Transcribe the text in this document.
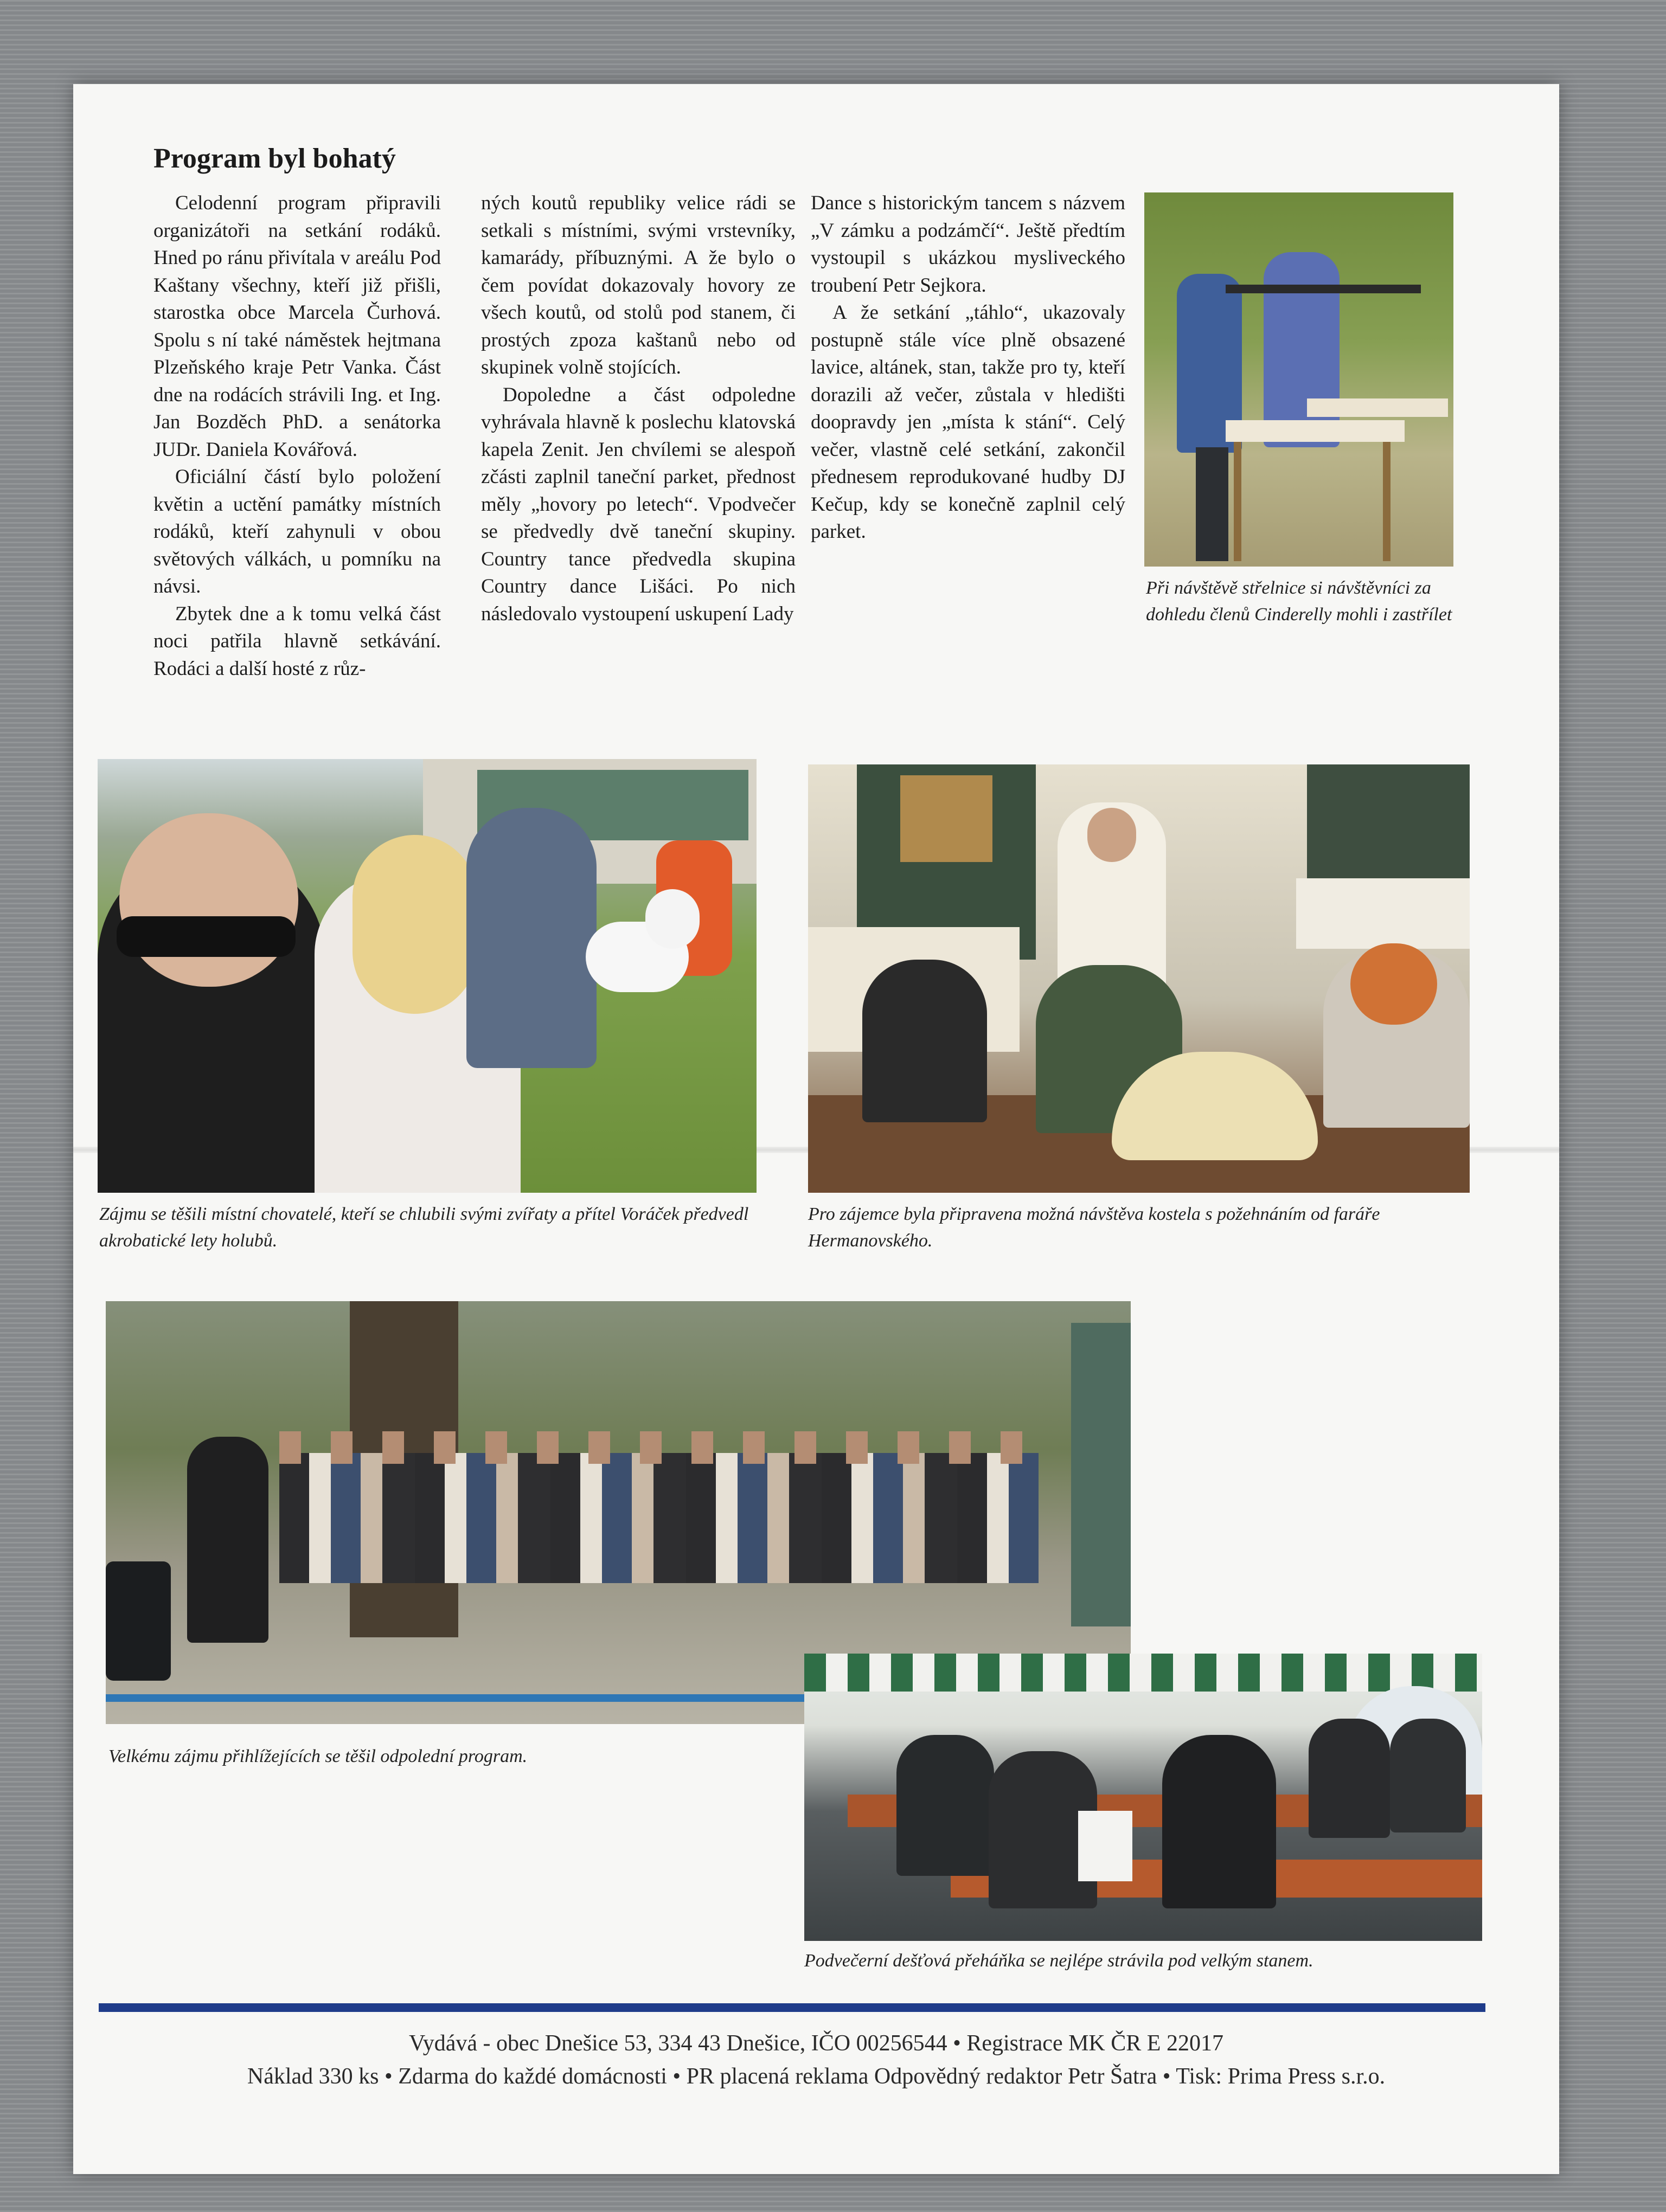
Program byl bohatý

Celodenní program připravili organizátoři na setkání rodáků. Hned po ránu přivítala v areálu Pod Kaštany všechny, kteří již přišli, starostka obce Marcela Čurhová. Spolu s ní také náměstek hejtmana Plzeňského kraje Petr Vanka. Část dne na rodácích strávili Ing. et Ing. Jan Bozděch PhD. a senátorka JUDr. Daniela Kovářová.

Oficiální částí bylo položení květin a uctění památky místních rodáků, kteří zahynuli v obou světových válkách, u pomníku na návsi.

Zbytek dne a k tomu velká část noci patřila hlavně setkávání. Rodáci a další hosté z růz-

ných koutů republiky velice rádi se setkali s místními, svými vrstevníky, kamarády, příbuznými. A že bylo o čem povídat dokazovaly hovory ze všech koutů, od stolů pod stanem, či prostých zpoza kaštanů nebo od skupinek volně stojících.

Dopoledne a část odpoledne vyhrávala hlavně k poslechu klatovská kapela Zenit. Jen chvílemi se alespoň zčásti zaplnil taneční parket, přednost měly „hovory po letech“. Vpodvečer se předvedly dvě taneční skupiny. Country tance předvedla skupina Country dance Lišáci. Po nich následovalo vystoupení uskupení Lady

Dance s historickým tancem s názvem „V zámku a podzámčí“. Ještě předtím vystoupil s ukázkou mysliveckého troubení Petr Sejkora.

A že setkání „táhlo“, ukazovaly postupně stále více plně obsazené lavice, altánek, stan, takže pro ty, kteří dorazili až večer, zůstala v hledišti doopravdy jen „místa k stání“. Celý večer, vlastně celé setkání, zakončil přednesem reprodukované hudby DJ Kečup, kdy se konečně zaplnil celý parket.

Při návštěvě střelnice si návštěvníci za dohledu členů Cinderelly mohli i zastřílet
Zájmu se těšili místní chovatelé, kteří se chlubili svými zvířaty a přítel Voráček předvedl akrobatické lety holubů.
Pro zájemce byla připravena možná návštěva kostela s požehnáním od faráře Hermanovského.
Velkému zájmu přihlížejících se těšil odpolední program.
Podvečerní dešťová přeháňka se nejlépe strávila pod velkým stanem.
Vydává - obec Dnešice 53, 334 43 Dnešice, IČO 00256544 • Registrace MK ČR E 22017
Náklad 330 ks • Zdarma do každé domácnosti • PR placená reklama Odpovědný redaktor Petr Šatra • Tisk: Prima Press s.r.o.
